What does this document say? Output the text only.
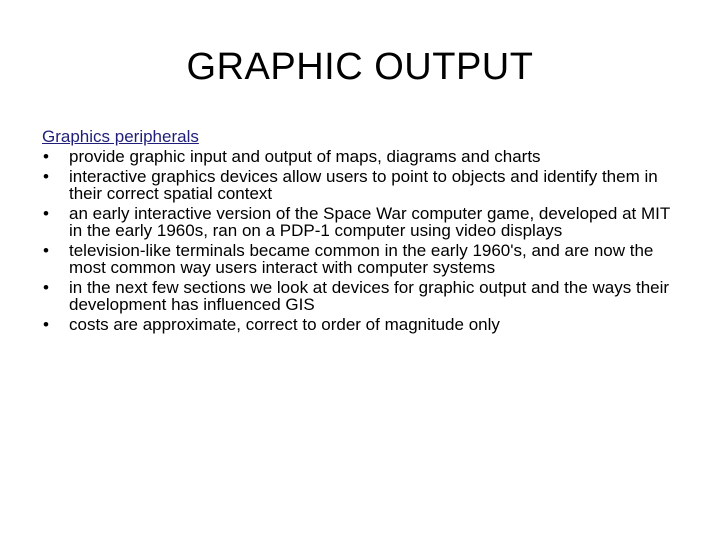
GRAPHIC OUTPUT
Graphics peripherals
• provide graphic input and output of maps, diagrams and charts
• interactive graphics devices allow users to point to objects and identify them in their correct spatial context
• an early interactive version of the Space War computer game, developed at MIT in the early 1960s, ran on a PDP-1 computer using video displays
• television-like terminals became common in the early 1960's, and are now the most common way users interact with computer systems
• in the next few sections we look at devices for graphic output and the ways their development has influenced GIS
• costs are approximate, correct to order of magnitude only
